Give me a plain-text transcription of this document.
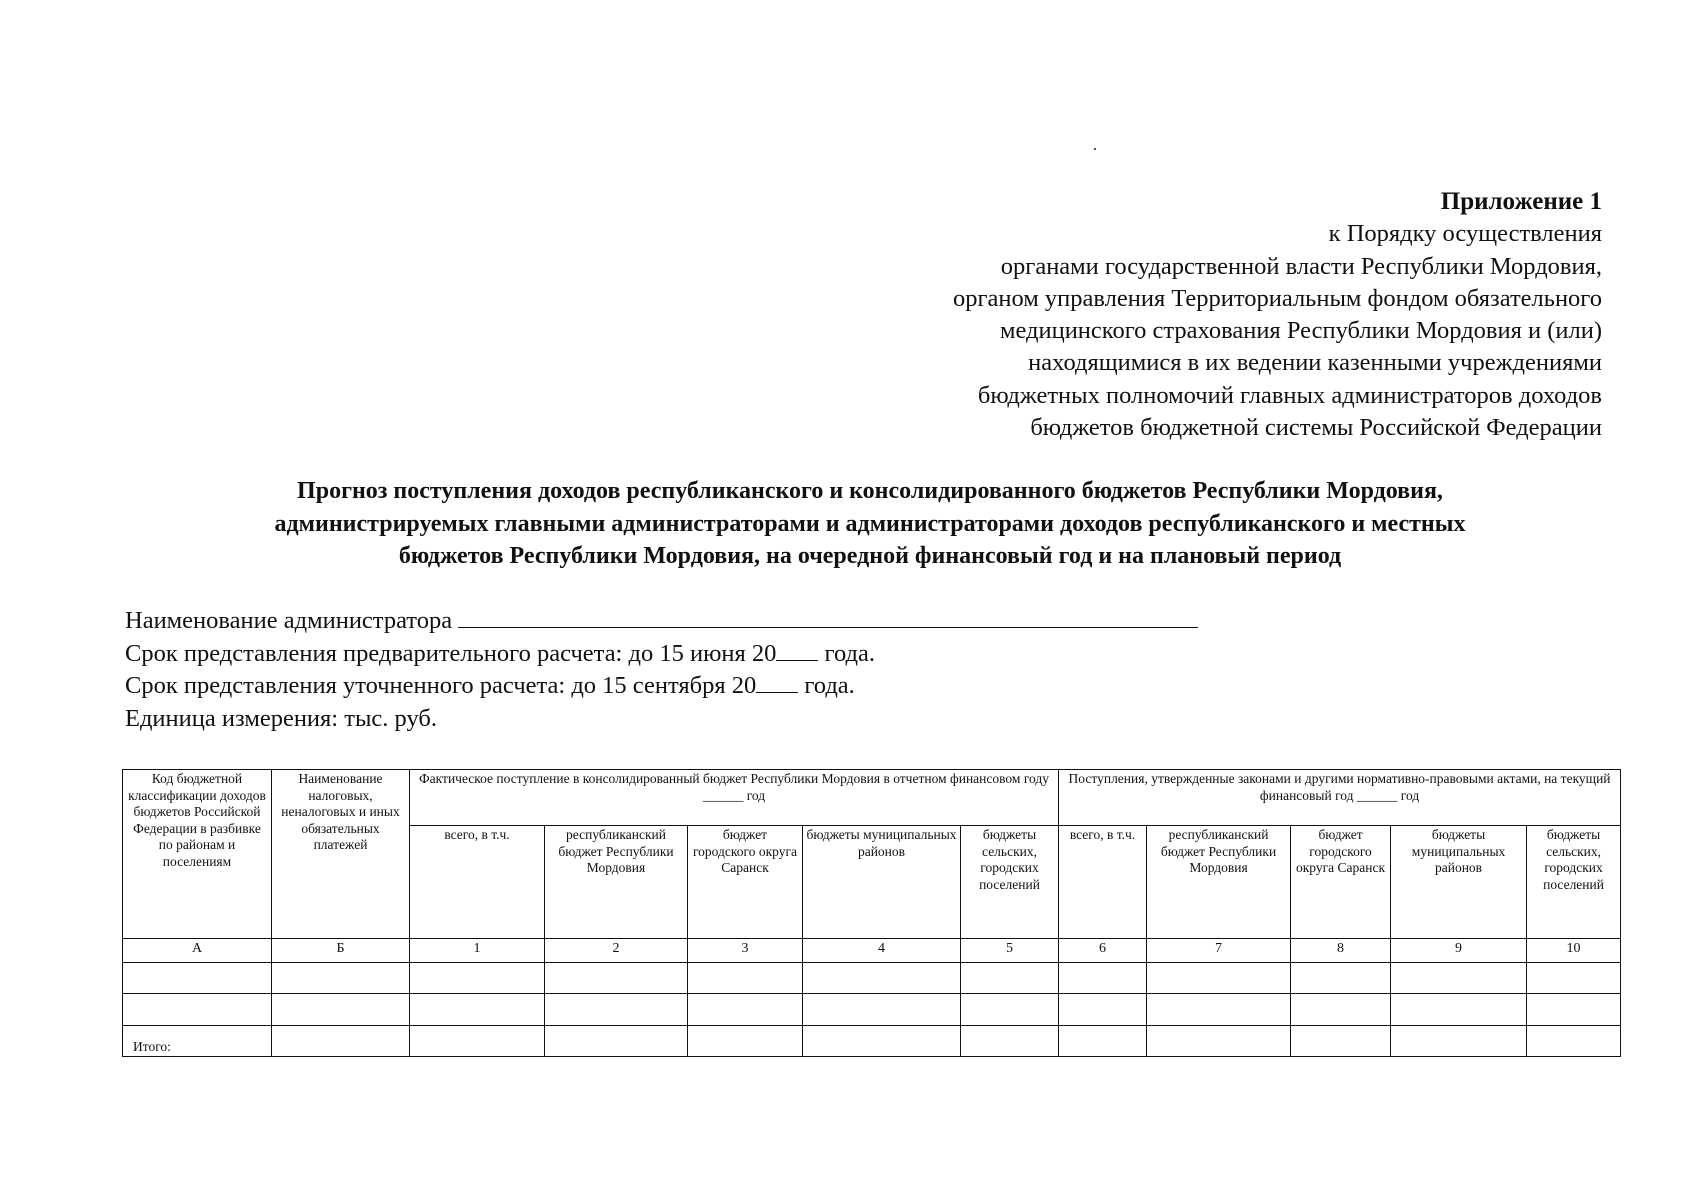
Приложение 1
к Порядку осуществления
органами государственной власти Республики Мордовия,
органом управления Территориальным фондом обязательного
медицинского страхования Республики Мордовия и (или)
находящимися в их ведении казенными учреждениями
бюджетных полномочий главных администраторов доходов
бюджетов бюджетной системы Российской Федерации
Прогноз поступления доходов республиканского и консолидированного бюджетов Республики Мордовия,
администрируемых главными администраторами и администраторами доходов республиканского и местных
бюджетов Республики Мордовия, на очередной финансовый год и на плановый период
Наименование администратора
Срок представления предварительного расчета: до 15 июня 20 года.
Срок представления уточненного расчета: до 15 сентября 20 года.
Единица измерения: тыс. руб.
Код бюджетной классификации доходов бюджетов Российской Федерации в разбивке по районам и поселениям	Наименование налоговых, неналоговых и иных обязательных платежей	Фактическое поступление в консолидированный бюджет Республики Мордовия в отчетном финансовом году ______ год					Поступления, утвержденные законами и другими нормативно-правовыми актами, на текущий финансовый год ______ год				
		всего, в т.ч.	республиканский бюджет Республики Мордовия	бюджет городского округа Саранск	бюджеты муниципальных районов	бюджеты сельских, городских поселений	всего, в т.ч.	республиканский бюджет Республики Мордовия	бюджет городского округа Саранск	бюджеты муниципальных районов	бюджеты сельских, городских поселений
А	Б	1	2	3	4	5	6	7	8	9	10

Итого:											
